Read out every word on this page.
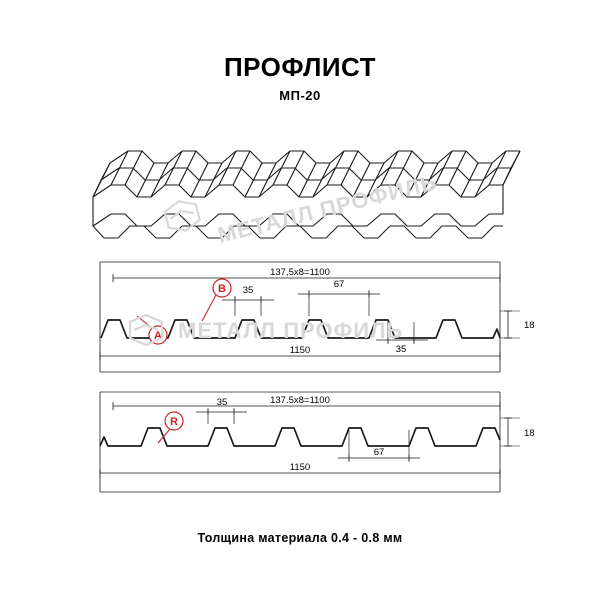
ПРОФЛИСТ
МП-20
A
B
137,5x8=1100
1150
18
35
67
35
R
137.5x8=1100
1150
18
35
67
МЕТАЛЛ ПРОФИЛЬ
МЕТАЛЛ ПРОФИЛЬ
Толщина материала 0.4 - 0.8 мм
